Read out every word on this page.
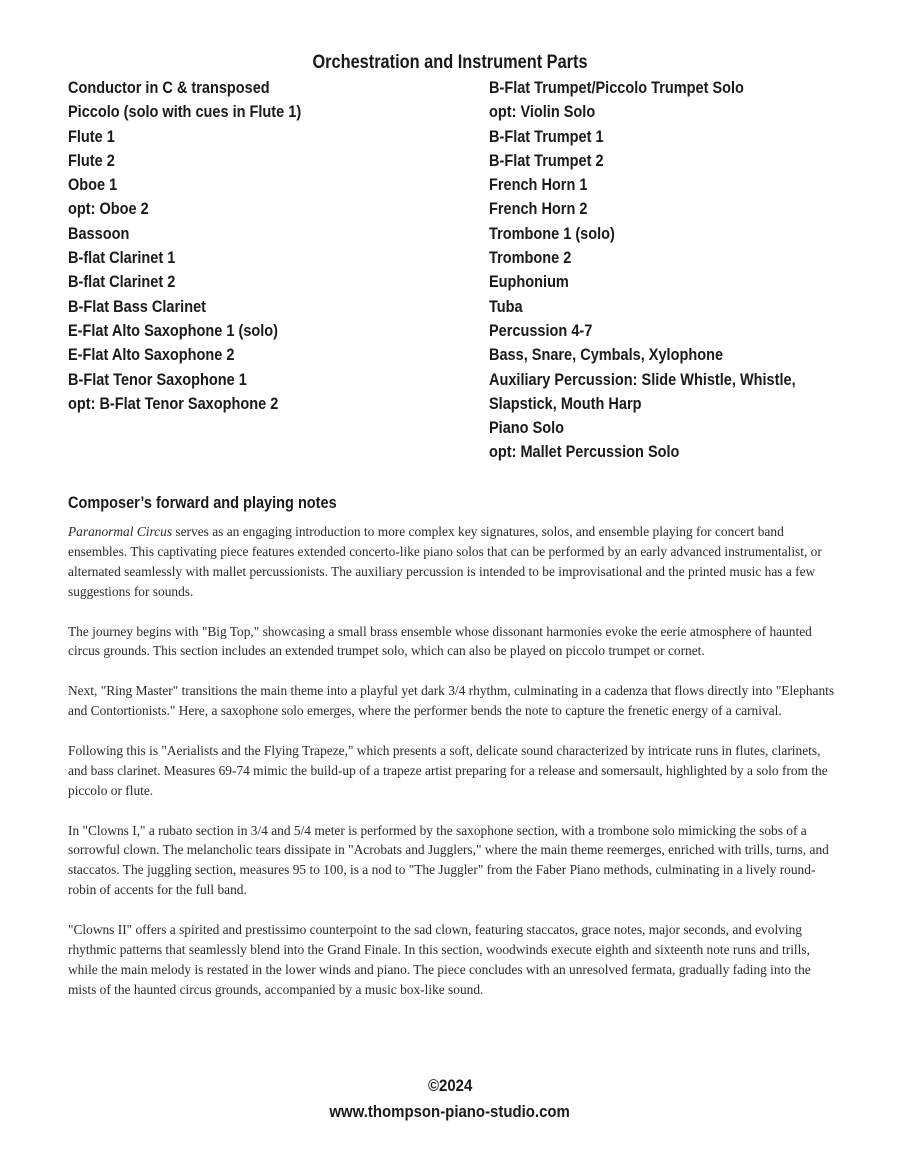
Orchestration and Instrument Parts
Conductor in C & transposed
Piccolo (solo with cues in Flute 1)
Flute 1
Flute 2
Oboe 1
opt: Oboe 2
Bassoon
B-flat Clarinet 1
B-flat Clarinet 2
B-Flat Bass Clarinet
E-Flat Alto Saxophone 1 (solo)
E-Flat Alto Saxophone 2
B-Flat Tenor Saxophone 1
opt: B-Flat Tenor Saxophone 2
B-Flat Trumpet/Piccolo Trumpet Solo
opt: Violin Solo
B-Flat Trumpet 1
B-Flat Trumpet 2
French Horn 1
French Horn 2
Trombone 1 (solo)
Trombone 2
Euphonium
Tuba
Percussion 4-7
Bass, Snare, Cymbals, Xylophone
Auxiliary Percussion: Slide Whistle, Whistle,
Slapstick, Mouth Harp
Piano Solo
opt: Mallet Percussion Solo
Composer’s forward and playing notes

Paranormal Circus serves as an engaging introduction to more complex key signatures, solos, and ensemble playing for concert band ensembles. This captivating piece features extended concerto-like piano solos that can be performed by an early advanced instrumentalist, or alternated seamlessly with mallet percussionists. The auxiliary percussion is intended to be improvisational and the printed music has a few suggestions for sounds.

The journey begins with "Big Top," showcasing a small brass ensemble whose dissonant harmonies evoke the eerie atmosphere of haunted circus grounds. This section includes an extended trumpet solo, which can also be played on piccolo trumpet or cornet.

Next, "Ring Master" transitions the main theme into a playful yet dark 3/4 rhythm, culminating in a cadenza that flows directly into "Elephants and Contortionists." Here, a saxophone solo emerges, where the performer bends the note to capture the frenetic energy of a carnival.

Following this is "Aerialists and the Flying Trapeze," which presents a soft, delicate sound characterized by intricate runs in flutes, clarinets, and bass clarinet. Measures 69-74 mimic the build-up of a trapeze artist preparing for a release and somersault, highlighted by a solo from the piccolo or flute.

In "Clowns I," a rubato section in 3/4 and 5/4 meter is performed by the saxophone section, with a trombone solo mimicking the sobs of a sorrowful clown. The melancholic tears dissipate in "Acrobats and Jugglers," where the main theme reemerges, enriched with trills, turns, and staccatos. The juggling section, measures 95 to 100, is a nod to "The Juggler" from the Faber Piano methods, culminating in a lively round-robin of accents for the full band.

"Clowns II" offers a spirited and prestissimo counterpoint to the sad clown, featuring staccatos, grace notes, major seconds, and evolving rhythmic patterns that seamlessly blend into the Grand Finale. In this section, woodwinds execute eighth and sixteenth note runs and trills, while the main melody is restated in the lower winds and piano. The piece concludes with an unresolved fermata, gradually fading into the mists of the haunted circus grounds, accompanied by a music box-like sound.

©2024
www.thompson-piano-studio.com
